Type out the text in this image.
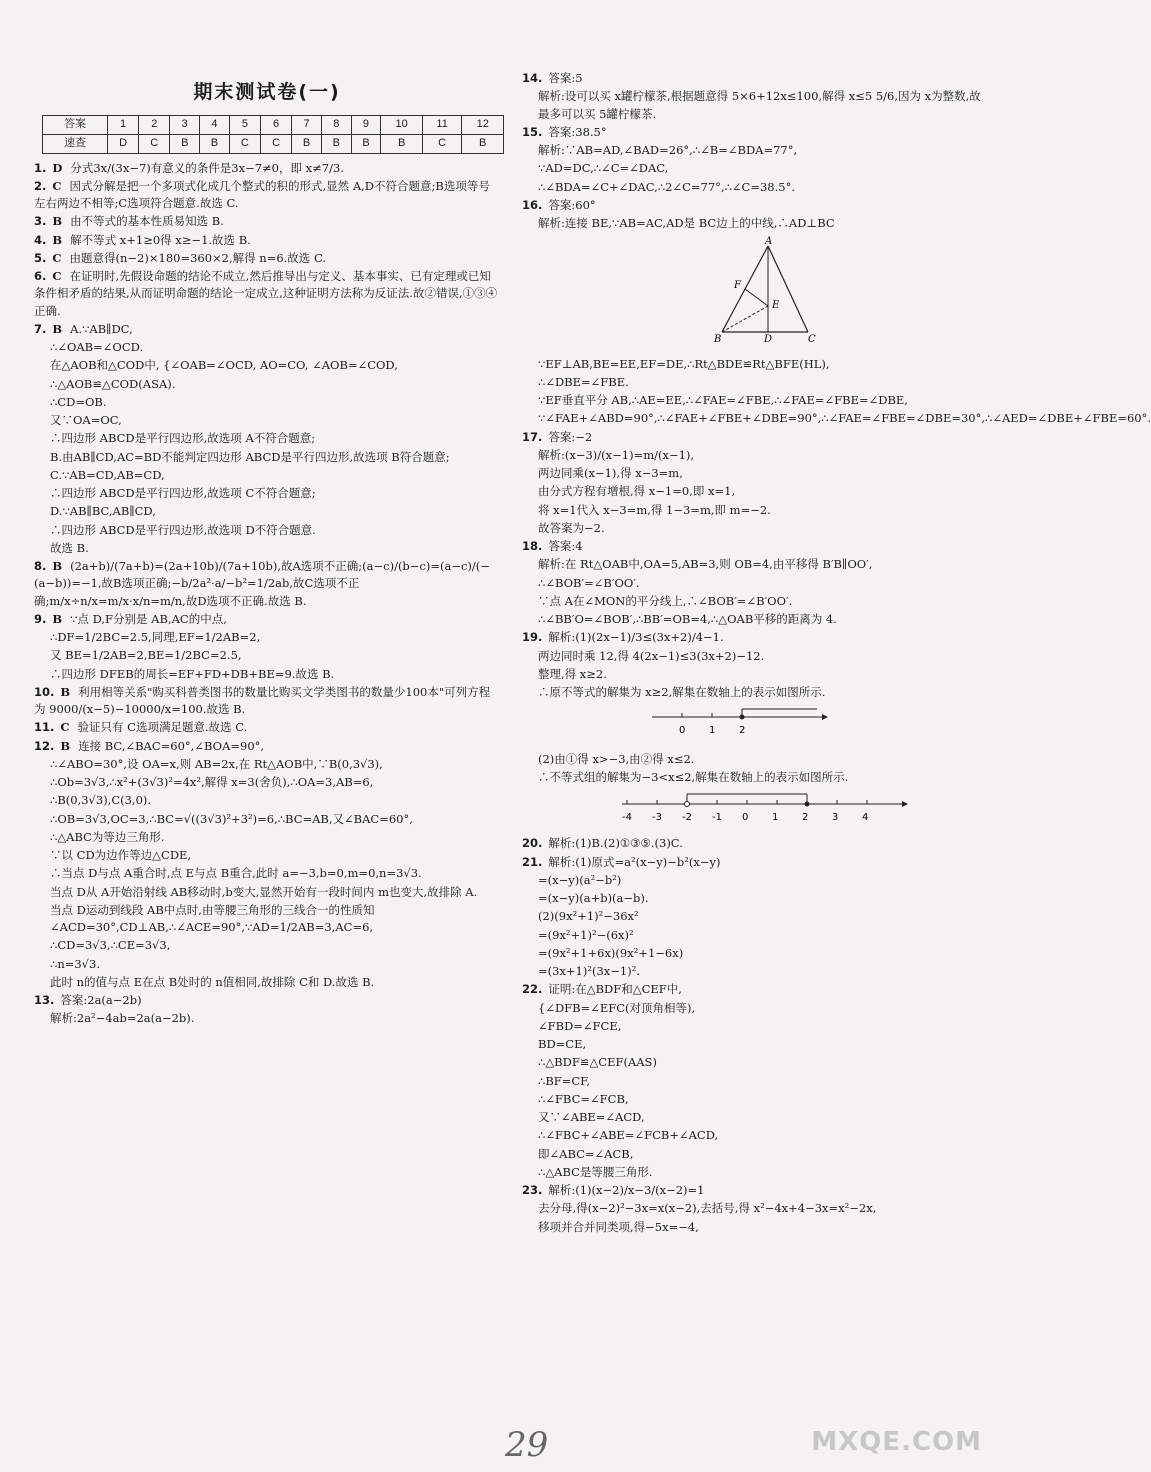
期末测试卷(一)
答案	1	2	3	4	5	6	7	8	9	10	11	12
速查	D	C	B	B	C	C	B	B	B	B	C	B
1. D 分式3x/(3x−7)有意义的条件是3x−7≠0，即 x≠7/3.
2. C 因式分解是把一个多项式化成几个整式的积的形式,显然 A,D不符合题意;B选项等号左右两边不相等;C选项符合题意.故选 C.
3. B 由不等式的基本性质易知选 B.
4. B 解不等式 x+1≥0得 x≥−1.故选 B.
5. C 由题意得(n−2)×180=360×2,解得 n=6.故选 C.
6. C 在证明时,先假设命题的结论不成立,然后推导出与定义、基本事实、已有定理或已知条件相矛盾的结果,从而证明命题的结论一定成立,这种证明方法称为反证法.故②错误,①③④正确.
7. B A.∵AB∥DC,
∴∠OAB=∠OCD.
在△AOB和△COD中, {∠OAB=∠OCD, AO=CO, ∠AOB=∠COD,
∴△AOB≌△COD(ASA).
∴CD=OB.
又∵OA=OC,
∴四边形 ABCD是平行四边形,故选项 A不符合题意;
B.由AB∥CD,AC=BD不能判定四边形 ABCD是平行四边形,故选项 B符合题意;
C.∵AB=CD,AB=CD,
∴四边形 ABCD是平行四边形,故选项 C不符合题意;
D.∵AB∥BC,AB∥CD,
∴四边形 ABCD是平行四边形,故选项 D不符合题意.
故选 B.
8. B (2a+b)/(7a+b)=(2a+10b)/(7a+10b),故A选项不正确;(a−c)/(b−c)=(a−c)/(−(a−b))=−1,故B选项正确;−b/2a²·a/−b²=1/2ab,故C选项不正确;m/x÷n/x=m/x·x/n=m/n,故D选项不正确.故选 B.
9. B ∵点 D,F分别是 AB,AC的中点,
∴DF=1/2BC=2.5,同理,EF=1/2AB=2,
又 BE=1/2AB=2,BE=1/2BC=2.5,
∴四边形 DFEB的周长=EF+FD+DB+BE=9.故选 B.
10. B 利用相等关系"购买科普类图书的数量比购买文学类图书的数量少100本"可列方程为 9000/(x−5)−10000/x=100.故选 B.
11. C 验证只有 C选项满足题意.故选 C.
12. B 连接 BC,∠BAC=60°,∠BOA=90°,
∴∠ABO=30°,设 OA=x,则 AB=2x,在 Rt△AOB中,∵B(0,3√3),
∴Ob=3√3,∴x²+(3√3)²=4x²,解得 x=3(舍负),∴OA=3,AB=6,
∴B(0,3√3),C(3,0).
∴OB=3√3,OC=3,∴BC=√((3√3)²+3²)=6,∴BC=AB,又∠BAC=60°,
∴△ABC为等边三角形.
∵以 CD为边作等边△CDE,
∴当点 D与点 A重合时,点 E与点 B重合,此时 a=−3,b=0,m=0,n=3√3.
当点 D从 A开始沿射线 AB移动时,b变大,显然开始有一段时间内 m也变大,故排除 A.
当点 D运动到线段 AB中点时,由等腰三角形的三线合一的性质知∠ACD=30°,CD⊥AB,∴∠ACE=90°,∵AD=1/2AB=3,AC=6,
∴CD=3√3,∴CE=3√3,
∴n=3√3.
此时 n的值与点 E在点 B处时的 n值相同,故排除 C和 D.故选 B.
13. 答案:2a(a−2b)
解析:2a²−4ab=2a(a−2b).
14. 答案:5
解析:设可以买 x罐柠檬茶,根据题意得 5×6+12x≤100,解得 x≤5 5/6,因为 x为整数,故最多可以买 5罐柠檬茶.
15. 答案:38.5°
解析:∵AB=AD,∠BAD=26°,∴∠B=∠BDA=77°,
∵AD=DC,∴∠C=∠DAC,
∴∠BDA=∠C+∠DAC,∴2∠C=77°,∴∠C=38.5°.
16. 答案:60°
解析:连接 BE,∵AB=AC,AD是 BC边上的中线,∴AD⊥BC
A
F
E
B	D	C
∵EF⊥AB,BE=EE,EF=DE,∴Rt△BDE≌Rt△BFE(HL),
∴∠DBE=∠FBE.
∵EF垂直平分 AB,∴AE=EE,∴∠FAE=∠FBE,∴∠FAE=∠FBE=∠DBE,
∵∠FAE+∠ABD=90°,∴∠FAE+∠FBE+∠DBE=90°,∴∠FAE=∠FBE=∠DBE=30°,∴∠AED=∠DBE+∠FBE=60°.
17. 答案:−2
解析:(x−3)/(x−1)=m/(x−1),
两边同乘(x−1),得 x−3=m,
由分式方程有增根,得 x−1=0,即 x=1,
将 x=1代入 x−3=m,得 1−3=m,即 m=−2.
故答案为−2.
18. 答案:4
解析:在 Rt△OAB中,OA=5,AB=3,则 OB=4,由平移得 B′B∥OO′,
∴∠BOB′=∠B′OO′.
∵点 A在∠MON的平分线上,∴∠BOB′=∠B′OO′.
∴∠BB′O=∠BOB′,∴BB′=OB=4,∴△OAB平移的距离为 4.
19. 解析:(1)(2x−1)/3≤(3x+2)/4−1.
两边同时乘 12,得 4(2x−1)≤3(3x+2)−12.
整理,得 x≥2.
∴原不等式的解集为 x≥2,解集在数轴上的表示如图所示.
0 1 2
(2)由①得 x>−3,由②得 x≤2.
∴不等式组的解集为−3<x≤2,解集在数轴上的表示如图所示.
-4 -3 -2 -1 0 1 2 3 4
20. 解析:(1)B.(2)①③⑤.(3)C.
21. 解析:(1)原式=a²(x−y)−b²(x−y)
=(x−y)(a²−b²)
=(x−y)(a+b)(a−b).
(2)(9x²+1)²−36x²
=(9x²+1)²−(6x)²
=(9x²+1+6x)(9x²+1−6x)
=(3x+1)²(3x−1)².
22. 证明:在△BDF和△CEF中,
{∠DFB=∠EFC(对顶角相等),
∠FBD=∠FCE,
BD=CE,
∴△BDF≌△CEF(AAS)
∴BF=CF,
∴∠FBC=∠FCB,
又∵∠ABE=∠ACD,
∴∠FBC+∠ABE=∠FCB+∠ACD,
即∠ABC=∠ACB,
∴△ABC是等腰三角形.
23. 解析:(1)(x−2)/x−3/(x−2)=1
去分母,得(x−2)²−3x=x(x−2),去括号,得 x²−4x+4−3x=x²−2x,
移项并合并同类项,得−5x=−4,
29	MXQE.COM
